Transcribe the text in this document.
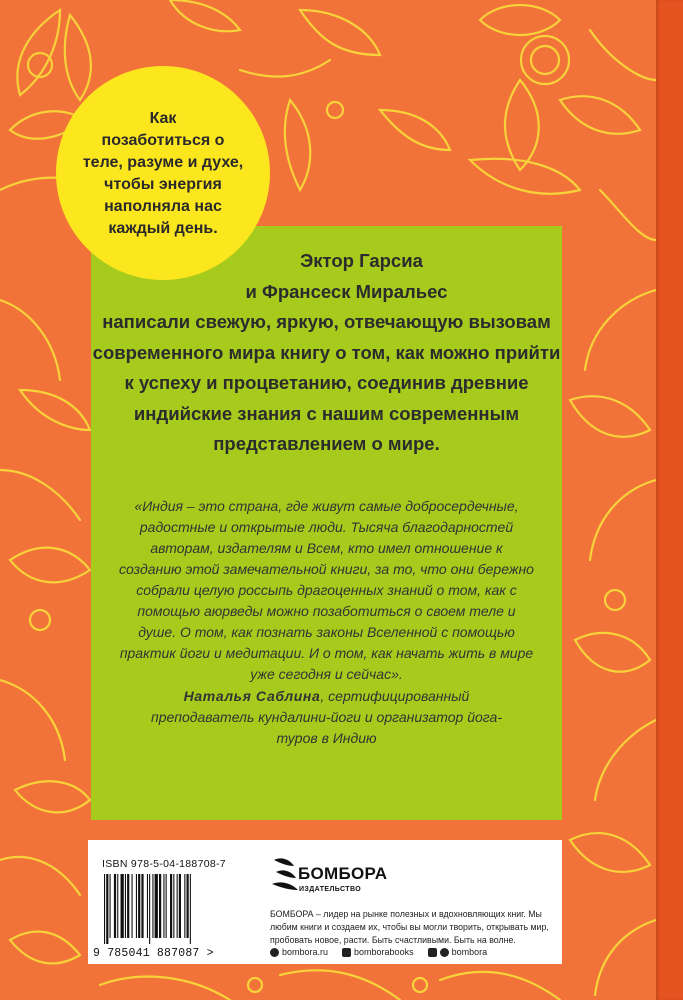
Как
позаботиться о
теле, разуме и духе,
чтобы энергия
наполняла нас
каждый день.
Эктор Гарсиа
и Франсеск Миральес
написали свежую, яркую, отвечающую вызовам современного мира книгу о том, как можно прийти к успеху и процветанию, соединив древние индийские знания с нашим современным представлением о мире.
«Индия – это страна, где живут самые добросердечные, радостные и открытые люди. Тысяча благодарностей авторам, издателям и Всем, кто имел отношение к созданию этой замечательной книги, за то, что они бережно собрали целую россыпь драгоценных знаний о том, как с помощью аюрведы можно позаботиться о своем теле и душе. О том, как познать законы Вселенной с помощью практик йоги и медитации. И о том, как начать жить в мире уже сегодня и сейчас».
Наталья Саблина, сертифицированный преподаватель кундалини-йоги и организатор йога-туров в Индию
ISBN 978-5-04-188708-7
9 785041 887087 >
БОМБОРА
ИЗДАТЕЛЬСТВО
БОМБОРА – лидер на рынке полезных и вдохновляющих книг. Мы любим книги и создаем их, чтобы вы могли творить, открывать мир, пробовать новое, расти. Быть счастливыми. Быть на волне.
bombora.ru	bomborabooks	bombora
